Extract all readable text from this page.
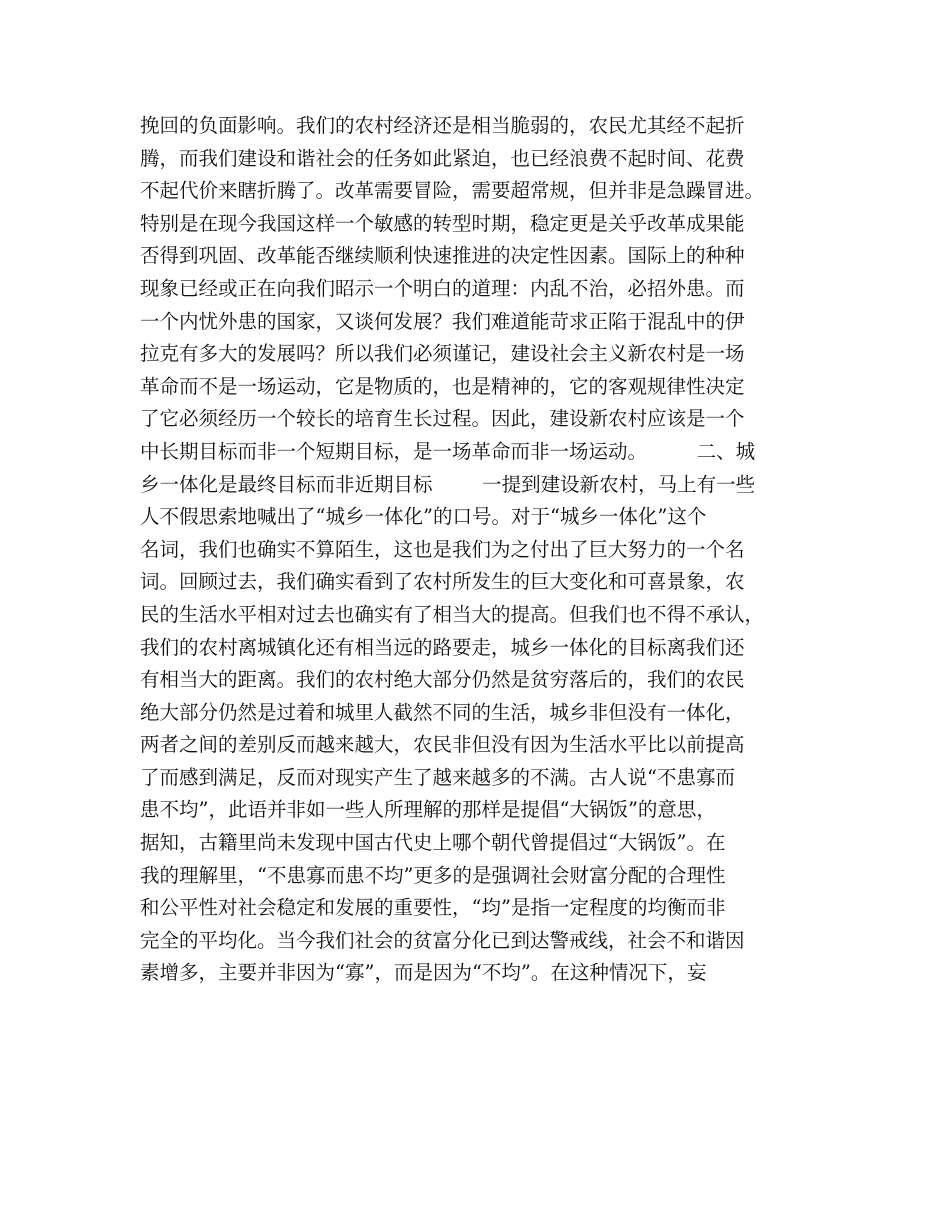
挽回的负面影响。我们的农村经济还是相当脆弱的，农民尤其经不起折
腾，而我们建设和谐社会的任务如此紧迫，也已经浪费不起时间、花费
不起代价来瞎折腾了。改革需要冒险，需要超常规，但并非是急躁冒进。
特别是在现今我国这样一个敏感的转型时期，稳定更是关乎改革成果能
否得到巩固、改革能否继续顺利快速推进的决定性因素。国际上的种种
现象已经或正在向我们昭示一个明白的道理：内乱不治，必招外患。而
一个内忧外患的国家，又谈何发展？我们难道能苛求正陷于混乱中的伊
拉克有多大的发展吗？所以我们必须谨记，建设社会主义新农村是一场
革命而不是一场运动，它是物质的，也是精神的，它的客观规律性决定
了它必须经历一个较长的培育生长过程。因此，建设新农村应该是一个
中长期目标而非一个短期目标，是一场革命而非一场运动。        二、城
乡一体化是最终目标而非近期目标        一提到建设新农村，马上有一些
人不假思索地喊出了“城乡一体化”的口号。对于“城乡一体化”这个
名词，我们也确实不算陌生，这也是我们为之付出了巨大努力的一个名
词。回顾过去，我们确实看到了农村所发生的巨大变化和可喜景象，农
民的生活水平相对过去也确实有了相当大的提高。但我们也不得不承认，
我们的农村离城镇化还有相当远的路要走，城乡一体化的目标离我们还
有相当大的距离。我们的农村绝大部分仍然是贫穷落后的，我们的农民
绝大部分仍然是过着和城里人截然不同的生活，城乡非但没有一体化，
两者之间的差别反而越来越大，农民非但没有因为生活水平比以前提高
了而感到满足，反而对现实产生了越来越多的不满。古人说“不患寡而
患不均”，此语并非如一些人所理解的那样是提倡“大锅饭”的意思，
据知，古籍里尚未发现中国古代史上哪个朝代曾提倡过“大锅饭”。在
我的理解里，“不患寡而患不均”更多的是强调社会财富分配的合理性
和公平性对社会稳定和发展的重要性，“均”是指一定程度的均衡而非
完全的平均化。当今我们社会的贫富分化已到达警戒线，社会不和谐因
素增多，主要并非因为“寡”，而是因为“不均”。在这种情况下，妄
